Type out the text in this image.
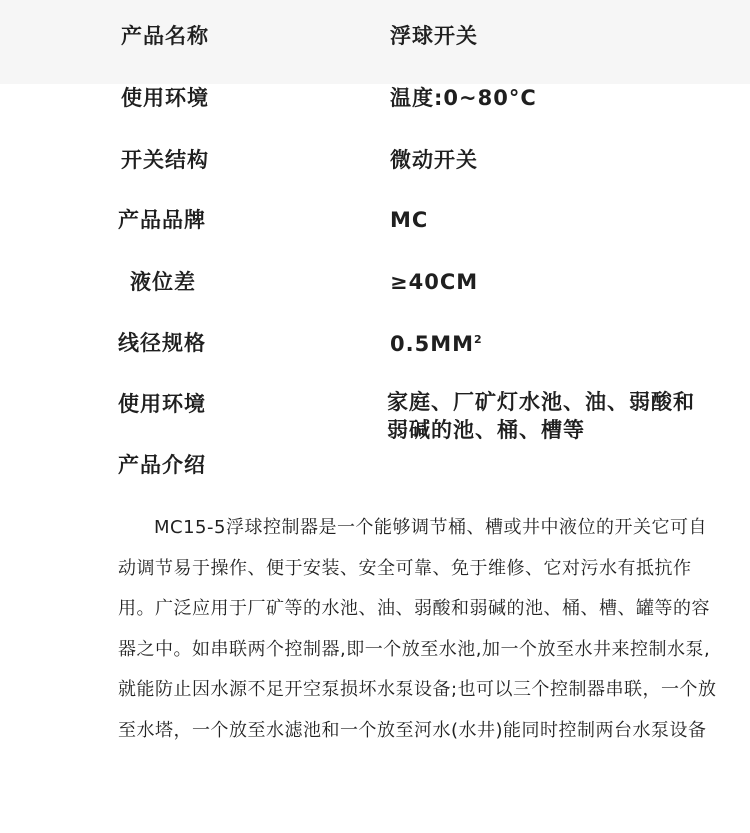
产品名称	浮球开关
使用环境	温度:0~80°C
开关结构	微动开关
产品品牌	MC
液位差	≥40CM
线径规格	$0.5MM^2$
使用环境	家庭、厂矿灯水池、油、弱酸和弱碱的池、桶、槽等
产品介绍

MC15-5浮球控制器是一个能够调节桶、槽或井中液位的开关它可自动调节易于操作、便于安装、安全可靠、免于维修、它对污水有抵抗作用。广泛应用于厂矿等的水池、油、弱酸和弱碱的池、桶、槽、罐等的容器之中。如串联两个控制器,即一个放至水池,加一个放至水井来控制水泵,就能防止因水源不足开空泵损坏水泵设备;也可以三个控制器串联，一个放至水塔，一个放至水滤池和一个放至河水(水井)能同时控制两台水泵设备
